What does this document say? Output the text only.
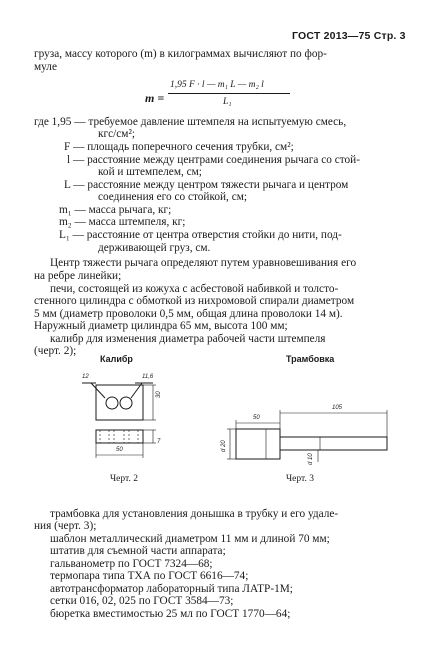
ГОСТ 2013—75 Стр. 3
груза, массу которого (m) в килограммах вычисляют по фор-
муле
m =
1,95 F · l — m₁ L — m₂ l
L₁
где 1,95 — требуемое давление штемпеля на испытуемую смесь,
кгс/см²;
F — площадь поперечного сечения трубки, см²;
l — расстояние между центрами соединения рычага со стой-
кой и штемпелем, см;
L — расстояние между центром тяжести рычага и центром
соединения его со стойкой, см;
m₁ — масса рычага, кг;
m₂ — масса штемпеля, кг;
L₁ — расстояние от центра отверстия стойки до нити, под-
держивающей груз, см.
Центр тяжести рычага определяют путем уравновешивания его
на ребре линейки;
печи, состоящей из кожуха с асбестовой набивкой и толсто-
стенного цилиндра с обмоткой из нихромовой спирали диаметром
5 мм (диаметр проволоки 0,5 мм, общая длина проволоки 14 м).
Наружный диаметр цилиндра 65 мм, высота 100 мм;
калибр для изменения диаметра рабочей части штемпеля
(черт. 2);
Калибр	Трамбовка
12	11,6
30
50
7
50
105
d 20
d 10
Черт. 2	Черт. 3
трамбовка для установления донышка в трубку и его удале-
ния (черт. 3);
шаблон металлический диаметром 11 мм и длиной 70 мм;
штатив для съемной части аппарата;
гальванометр по ГОСТ 7324—68;
термопара типа ТХА по ГОСТ 6616—74;
автотрансформатор лабораторный типа ЛАТР-1М;
сетки 016, 02, 025 по ГОСТ 3584—73;
бюретка вместимостью 25 мл по ГОСТ 1770—64;
